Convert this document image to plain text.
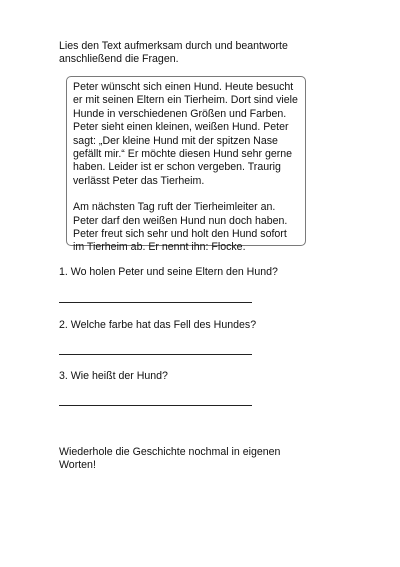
Lies den Text aufmerksam durch und beantworte
anschließend die Fragen.

Peter wünscht sich einen Hund. Heute besucht
er mit seinen Eltern ein Tierheim. Dort sind viele
Hunde in verschiedenen Größen und Farben.
Peter sieht einen kleinen, weißen Hund. Peter
sagt: „Der kleine Hund mit der spitzen Nase
gefällt mir.“ Er möchte diesen Hund sehr gerne
haben. Leider ist er schon vergeben. Traurig
verlässt Peter das Tierheim.

Am nächsten Tag ruft der Tierheimleiter an.
Peter darf den weißen Hund nun doch haben.
Peter freut sich sehr und holt den Hund sofort
im Tierheim ab. Er nennt ihn: Flocke.

1. Wo holen Peter und seine Eltern den Hund?
2. Welche farbe hat das Fell des Hundes?
3. Wie heißt der Hund?
Wiederhole die Geschichte nochmal in eigenen
Worten!
